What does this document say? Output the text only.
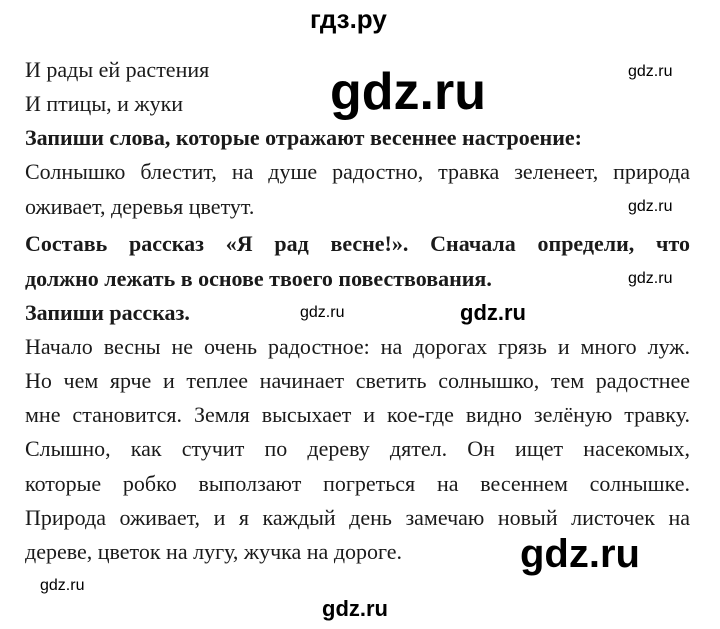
гдз.ру
И рады ей растения
И птицы, и жуки
Запиши слова, которые отражают весеннее настроение:
Солнышко блестит, на душе радостно, травка зеленеет, природа
оживает, деревья цветут.
Составь рассказ «Я рад весне!». Сначала определи, что
должно лежать в основе твоего повествования.
Запиши рассказ.
Начало весны не очень радостное: на дорогах грязь и много луж.
Но чем ярче и теплее начинает светить солнышко, тем радостнее
мне становится. Земля высыхает и кое-где видно зелёную травку.
Слышно, как стучит по дереву дятел. Он ищет насекомых,
которые робко выползают погреться на весеннем солнышке.
Природа оживает, и я каждый день замечаю новый листочек на
дереве, цветок на лугу, жучка на дороге.
gdz.ru	gdz.ru
gdz.ru
gdz.ru
gdz.ru	gdz.ru
gdz.ru
gdz.ru
gdz.ru
